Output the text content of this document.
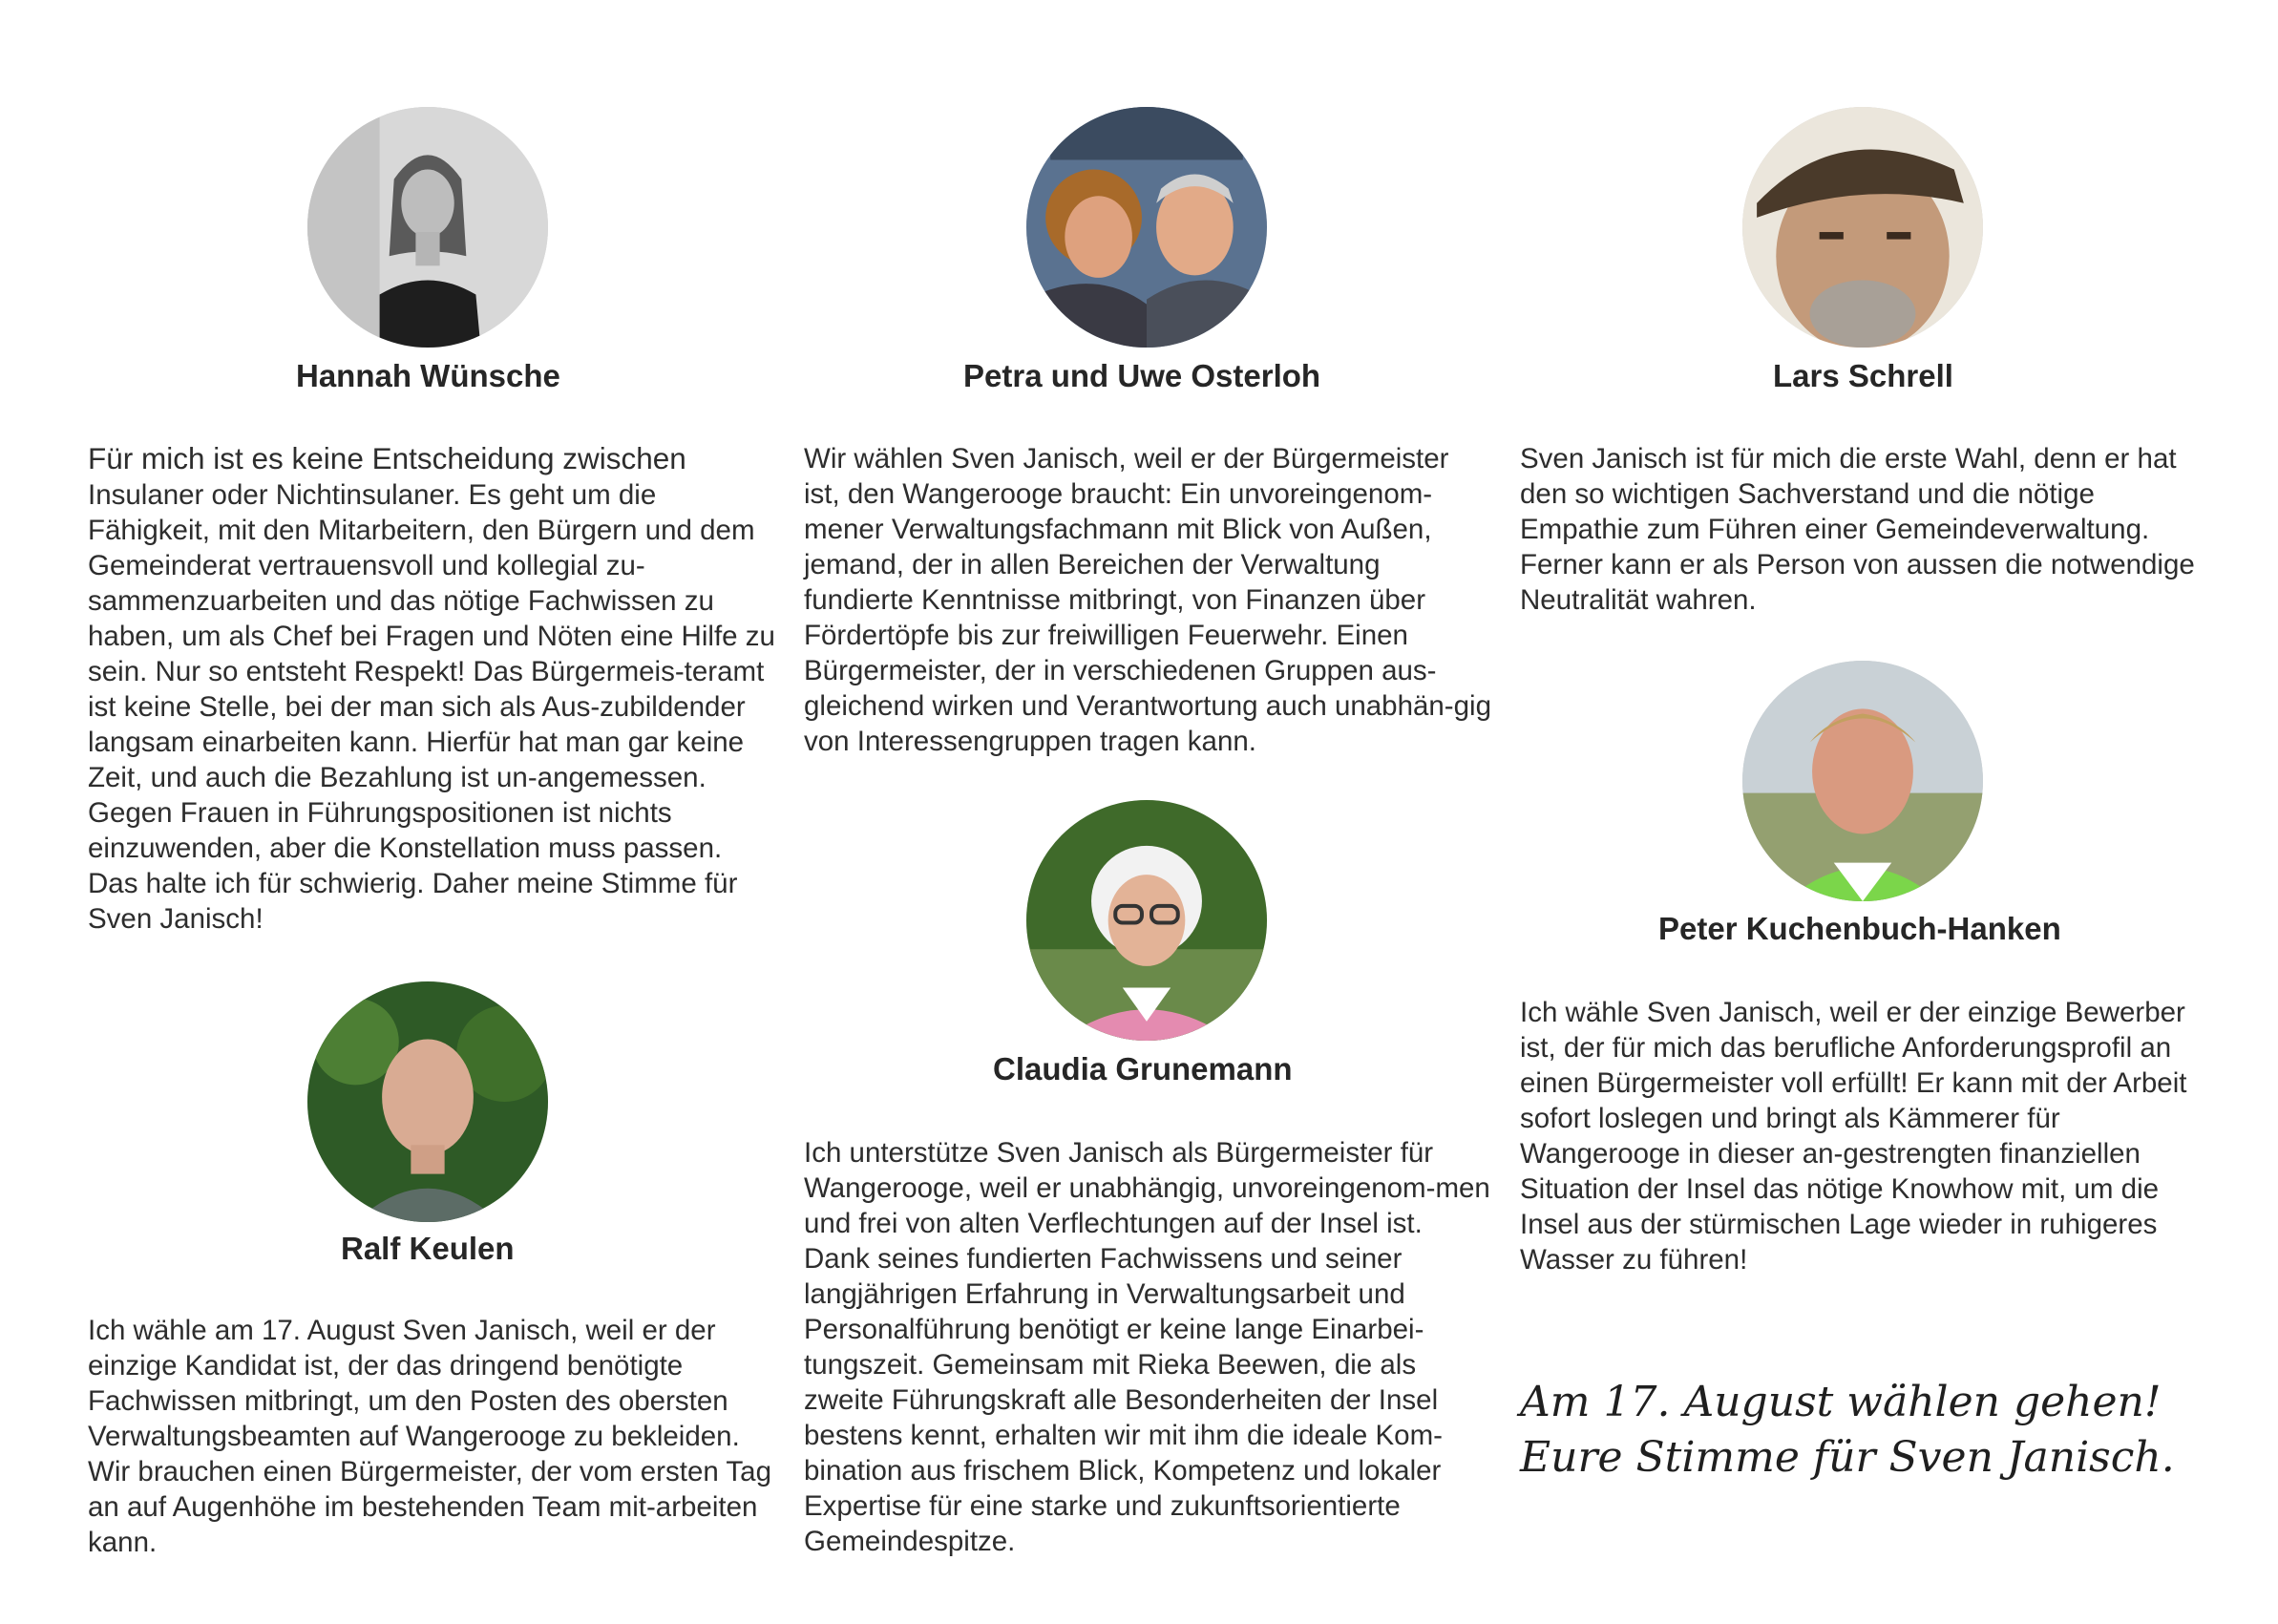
Hannah Wünsche

Für mich ist es keine Entscheidung zwischen
Insulaner oder Nichtinsulaner. Es geht um die Fähigkeit, mit den Mitarbeitern, den Bürgern und dem Gemeinderat vertrauensvoll und kollegial zu-sammenzuarbeiten und das nötige Fachwissen zu haben, um als Chef bei Fragen und Nöten eine Hilfe zu sein. Nur so entsteht Respekt! Das Bürgermeis-teramt ist keine Stelle, bei der man sich als Aus-zubildender langsam einarbeiten kann. Hierfür hat man gar keine Zeit, und auch die Bezahlung ist un-angemessen. Gegen Frauen in Führungspositionen ist nichts einzuwenden, aber die Konstellation muss passen. Das halte ich für schwierig. Daher meine Stimme für Sven Janisch!

Ralf Keulen

Ich wähle am 17. August Sven Janisch, weil er der einzige Kandidat ist, der das dringend benötigte Fachwissen mitbringt, um den Posten des obersten Verwaltungsbeamten auf Wangerooge zu bekleiden. Wir brauchen einen Bürgermeister, der vom ersten Tag an auf Augenhöhe im bestehenden Team mit-arbeiten kann.

Petra und Uwe Osterloh

Wir wählen Sven Janisch, weil er der Bürgermeister ist, den Wangerooge braucht: Ein unvoreingenom-mener Verwaltungsfachmann mit Blick von Außen, jemand, der in allen Bereichen der Verwaltung fundierte Kenntnisse mitbringt, von Finanzen über Fördertöpfe bis zur freiwilligen Feuerwehr. Einen Bürgermeister, der in verschiedenen Gruppen aus-gleichend wirken und Verantwortung auch unabhän-gig von Interessengruppen tragen kann.

Claudia Grunemann

Ich unterstütze Sven Janisch als Bürgermeister für Wangerooge, weil er unabhängig, unvoreingenom-men und frei von alten Verflechtungen auf der Insel ist. Dank seines fundierten Fachwissens und seiner langjährigen Erfahrung in Verwaltungsarbeit und Personalführung benötigt er keine lange Einarbei-tungszeit. Gemeinsam mit Rieka Beewen, die als zweite Führungskraft alle Besonderheiten der Insel bestens kennt, erhalten wir mit ihm die ideale Kom-bination aus frischem Blick, Kompetenz und lokaler Expertise für eine starke und zukunftsorientierte Gemeindespitze.

Lars Schrell

Sven Janisch ist für mich die erste Wahl, denn er hat den so wichtigen Sachverstand und die nötige Empathie zum Führen einer Gemeindeverwaltung. Ferner kann er als Person von aussen die notwendige Neutralität wahren.

Peter Kuchenbuch-Hanken

Ich wähle Sven Janisch, weil er der einzige Bewerber ist, der für mich das berufliche Anforderungsprofil an einen Bürgermeister voll erfüllt! Er kann mit der Arbeit sofort loslegen und bringt als Kämmerer für Wangerooge in dieser an-gestrengten finanziellen Situation der Insel das nötige Knowhow mit, um die Insel aus der stürmischen Lage wieder in ruhigeres Wasser zu führen!

Am 17. August wählen gehen!
Eure Stimme für Sven Janisch.
